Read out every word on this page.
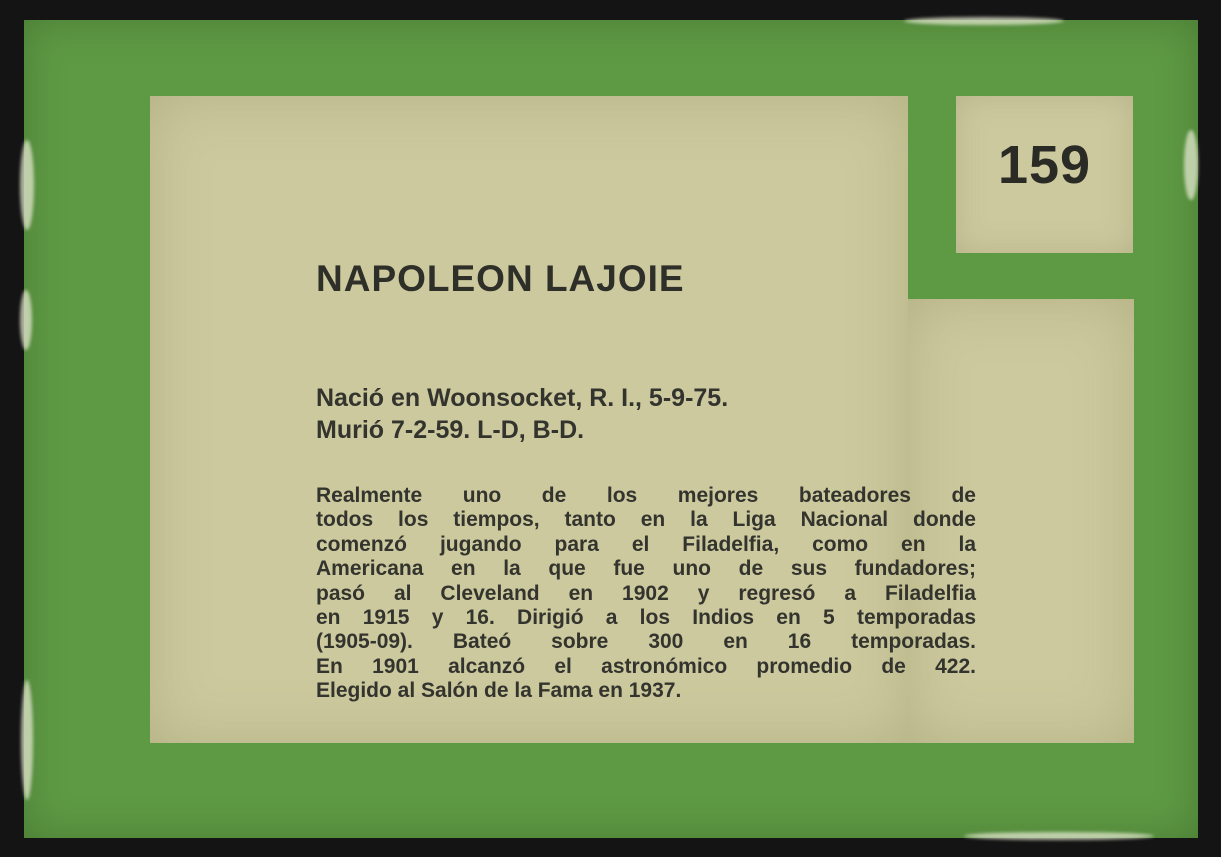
159
NAPOLEON LAJOIE
Nació en Woonsocket, R. I., 5-9-75.
Murió 7-2-59. L-D, B-D.
Realmente uno de los mejores bateadores de
todos los tiempos, tanto en la Liga Nacional donde
comenzó jugando para el Filadelfia, como en la
Americana en la que fue uno de sus fundadores;
pasó al Cleveland en 1902 y regresó a Filadelfia
en 1915 y 16. Dirigió a los Indios en 5 temporadas
(1905-09). Bateó sobre 300 en 16 temporadas.
En 1901 alcanzó el astronómico promedio de 422.
Elegido al Salón de la Fama en 1937.
